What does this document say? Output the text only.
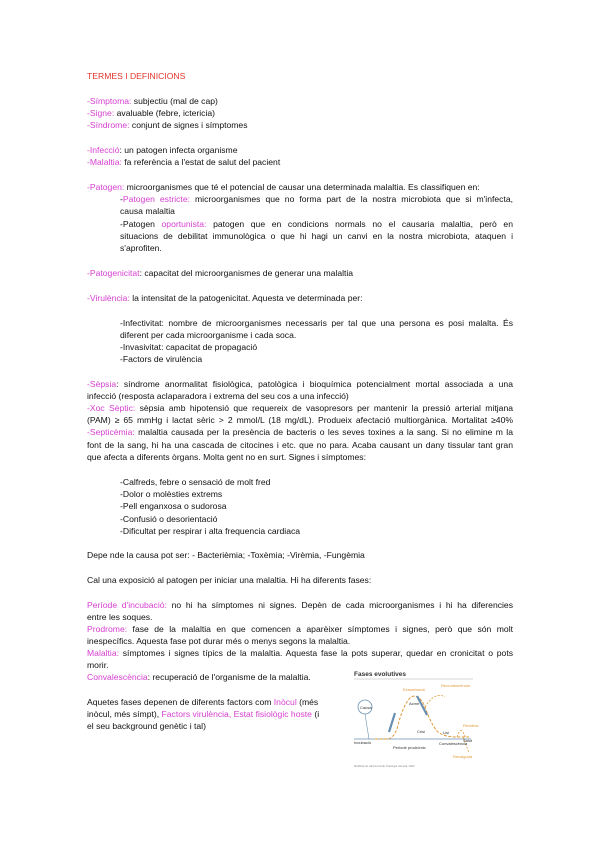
TERMES I DEFINICIONS
-Símptoma: subjectiu (mal de cap)
-Signe: avaluable (febre, ictericia)
-Síndrome: conjunt de signes i símptomes
-Infecció: un patogen infecta organisme
-Malaltia: fa referència a l'estat de salut del pacient
-Patogen: microorganismes que té el potencial de causar una determinada malaltia. Es classifiquen en:
-Patogen estricte: microorganismes que no forma part de la nostra microbiota que si m'infecta,
causa malaltia
-Patogen oportunista: patogen que en condicions normals no el causaria malaltia, però en
situacions de debilitat immunològica o que hi hagi un canvi en la nostra microbiota, ataquen i
s'aprofiten.
-Patogenicitat: capacitat del microorganismes de generar una malaltia
-Virulència: la intensitat de la patogenicitat. Aquesta ve determinada per:
-Infectivitat: nombre de microorganismes necessaris per tal que una persona es posi malalta. És
diferent per cada microorganisme i cada soca.
-Invasivitat: capacitat de propagació
-Factors de virulència
-Sèpsia: síndrome anormalitat fisiològica, patològica i bioquímica potencialment mortal associada a una
infecció (resposta aclaparadora i extrema del seu cos a una infecció)
-Xoc Sèptic: sèpsia amb hipotensió que requereix de vasopresors per mantenir la pressió arterial mitjana
(PAM) ≥ 65 mmHg i lactat sèric > 2 mmol/L (18 mg/dL). Produeix afectació multiorgànica. Mortalitat ≥40%
-Septicèmia: malaltia causada per la presència de bacteris o les seves toxines a la sang. Si no elimine m la
font de la sang, hi ha una cascada de citocines i etc. que no para. Acaba causant un dany tissular tant gran
que afecta a diferents òrgans. Molta gent no en surt. Signes i símptomes:
-Calfreds, febre o sensació de molt fred
-Dolor o molèsties extrems
-Pell enganxosa o sudorosa
-Confusió o desorientació
-Dificultat per respirar i alta frequencia cardiaca
Depe nde la causa pot ser: - Bacterièmia; -Toxèmia; -Virèmia, -Fungèmia
Cal una exposició al patogen per iniciar una malaltia. Hi ha diferents fases:
Període d'incubació: no hi ha símptomes ni signes. Depèn de cada microorganismes i hi ha diferencies
entre les soques.
Prodrome: fase de la malaltia en que comencen a aparèixer símptomes i signes, però que són molt
inespecífics. Aquesta fase pot durar més o menys segons la malaltia.
Malaltia: símptomes i signes típics de la malaltia. Aquesta fase la pots superar, quedar en cronicitat o pots
morir.
Convalescència: recuperació de l'organisme de la malaltia.
Aquetes fases depenen de diferents factors com Inòcul (més
inòcul, més símpt), Factors virulència, Estat fisiològic hoste (i
el seu background genètic i tal)
Fases evolutives
Causa
Incubació
Exacerbació
Recrudescència
Acme
Recidiva
Salut
Crisi	Lisi
Convalescència
Periode prodròmic
Recaiguda
Modificat de García-Conde. Patologia General. 2003
